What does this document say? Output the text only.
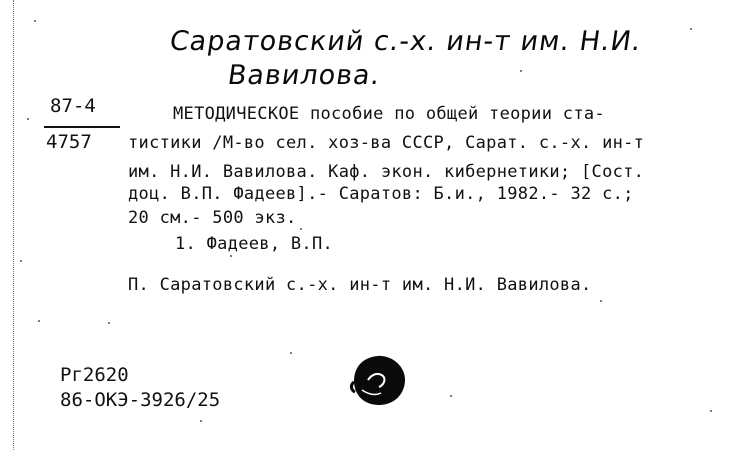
Саратовский с.-х. ин-т им. Н.И.
Вавилова.
87-4
4757
МЕТОДИЧЕСКОЕ пособие по общей теории ста-
тистики /М-во сел. хоз-ва СССР, Сарат. с.-х. ин-т
им. Н.И. Вавилова. Каф. экон. кибернетики; [Сост.
доц. В.П. Фадеев].- Саратов: Б.и., 1982.- 32 с.;
20 см.- 500 экз.
1. Фадеев, В.П.
П. Саратовский с.-х. ин-т им. Н.И. Вавилова.
Рг2620
86-ОКЭ-3926/25
